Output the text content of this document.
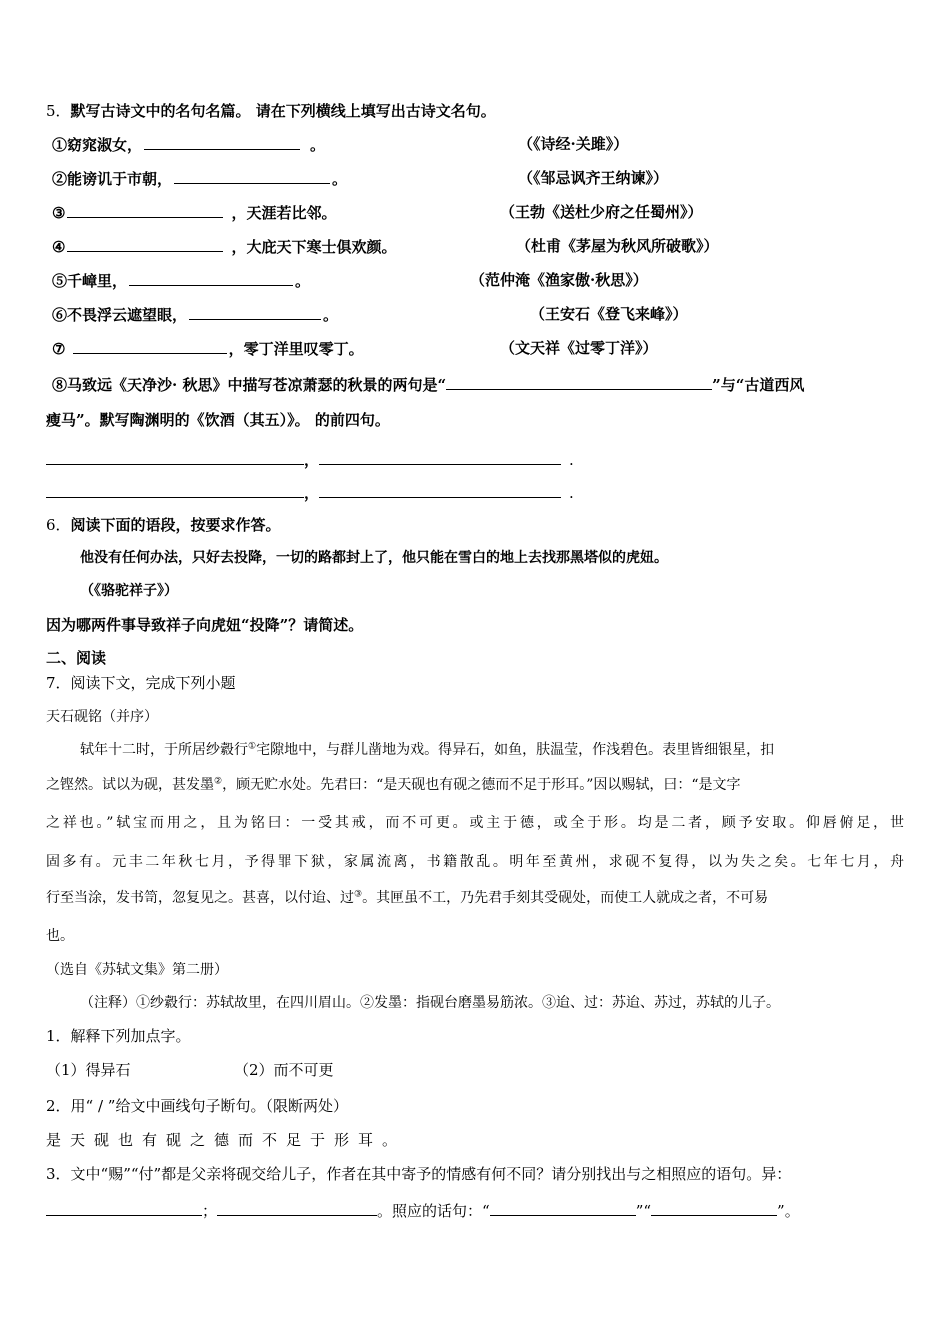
5．默写古诗文中的名句名篇。 请在下列横线上填写出古诗文名句。
①窈窕淑女，	。	（《诗经·关雎》）
②能谤讥于市朝，	。	（《邹忌讽齐王纳谏》）
③	，天涯若比邻。	（王勃《送杜少府之任蜀州》）
④	，大庇天下寒士俱欢颜。	（杜甫《茅屋为秋风所破歌》）
⑤千嶂里，	。	（范仲淹《渔家傲·秋思》）
⑥不畏浮云遮望眼，	。	（王安石《登飞来峰》）
⑦	，零丁洋里叹零丁。	（文天祥《过零丁洋》）
⑧马致远《天净沙· 秋思》中描写苍凉萧瑟的秋景的两句是“	”与“古道西风
瘦马”。默写陶渊明的《饮酒（其五）》。 的前四句。
，	.
，	.
6．阅读下面的语段，按要求作答。
他没有任何办法，只好去投降，一切的路都封上了，他只能在雪白的地上去找那黑塔似的虎妞。
（《骆驼祥子》）
因为哪两件事导致祥子向虎妞“投降”？请简述。
二、阅读
7．阅读下文，完成下列小题
天石砚铭（并序）
轼年十二时，于所居纱縠行①宅隙地中，与群儿凿地为戏。得异石，如鱼，肤温莹，作浅碧色。表里皆细银星，扣
之铿然。试以为砚，甚发墨②，顾无贮水处。先君曰：“是天砚也有砚之德而不足于形耳。”因以赐轼，曰：“是文字
之祥也。”轼宝而用之，且为铭曰：一受其戒，而不可更。或主于德，或全于形。均是二者，顾予安取。仰唇俯足，世
固多有。元丰二年秋七月，予得罪下狱，家属流离，书籍散乱。明年至黄州，求砚不复得，以为失之矣。七年七月，舟
行至当涂，发书笥，忽复见之。甚喜，以付迨、过③。其匣虽不工，乃先君手刻其受砚处，而使工人就成之者，不可易
也。
（选自《苏轼文集》第二册）
（注释）①纱縠行：苏轼故里，在四川眉山。②发墨：指砚台磨墨易筋浓。③迨、过：苏迨、苏过，苏轼的儿子。
1．解释下列加点字。
（1）得异石	（2）而不可更
2．用“ / ”给文中画线句子断句。（限断两处）
是天砚也有砚之德而不足于形耳。
3．文中“赐”“付”都是父亲将砚交给儿子，作者在其中寄予的情感有何不同？请分别找出与之相照应的语句。异：
；	。照应的话句：“	”“	”。
